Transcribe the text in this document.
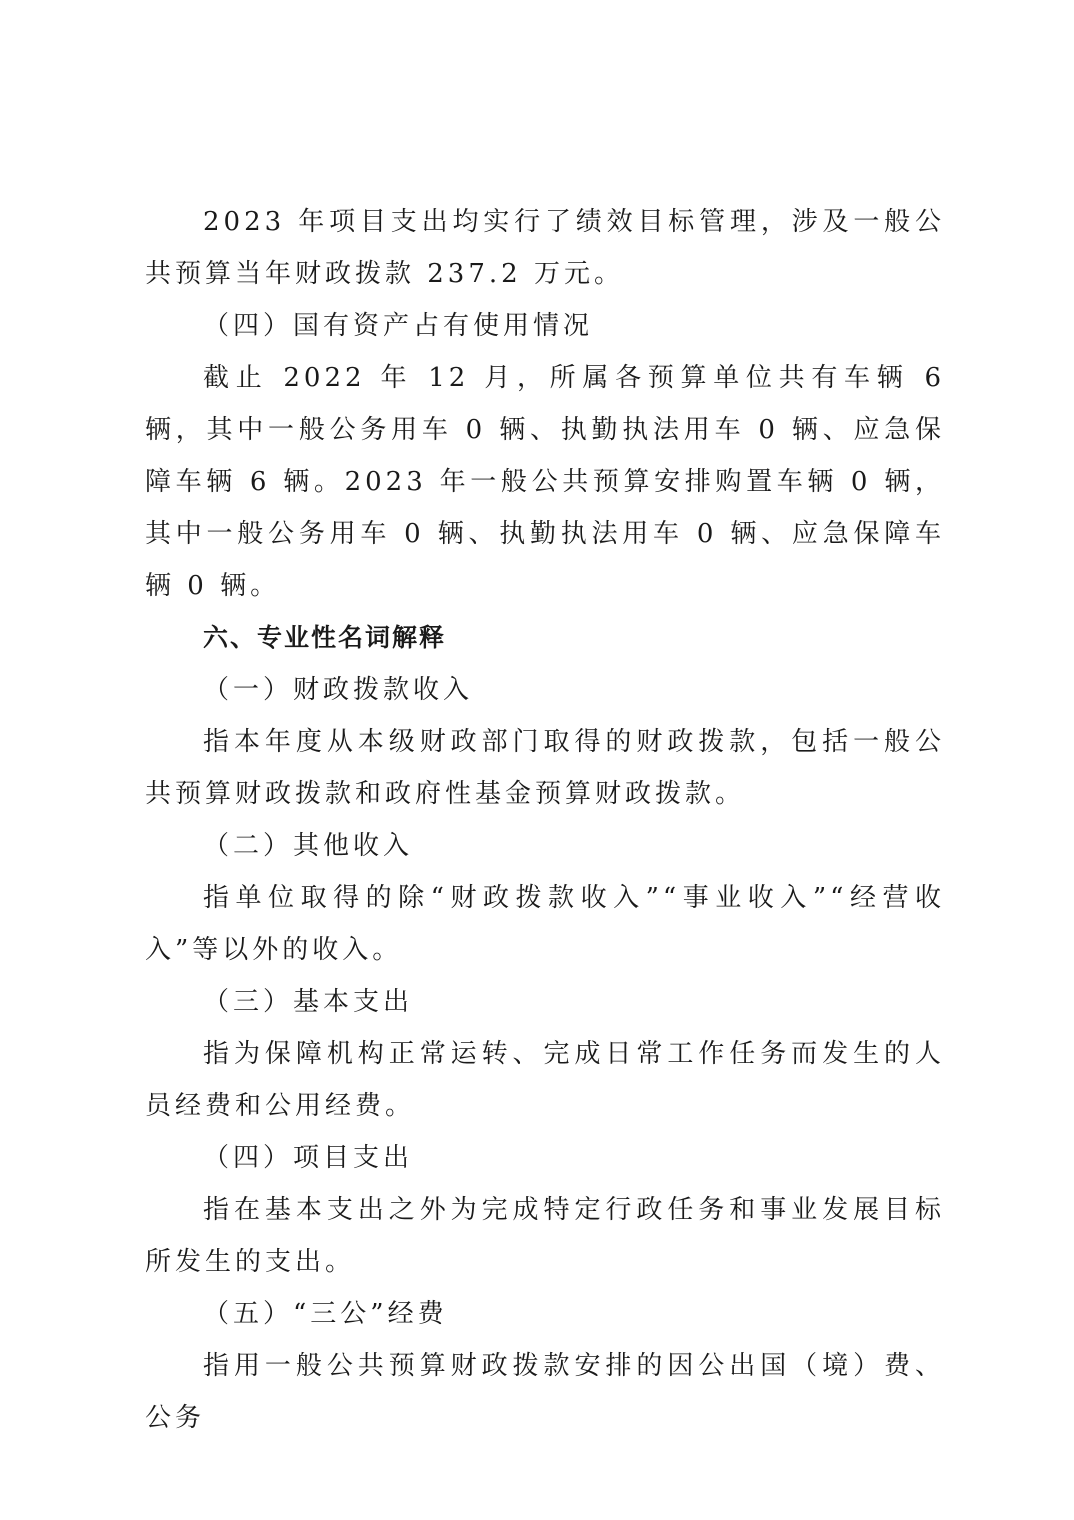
2023 年项目支出均实行了绩效目标管理，涉及一般公共预算当年财政拨款 237.2 万元。

（四）国有资产占有使用情况

截止 2022 年 12 月，所属各预算单位共有车辆 6 辆，其中一般公务用车 0 辆、执勤执法用车 0 辆、应急保障车辆 6 辆。2023 年一般公共预算安排购置车辆 0 辆，其中一般公务用车 0 辆、执勤执法用车 0 辆、应急保障车辆 0 辆。

六、专业性名词解释

（一）财政拨款收入

指本年度从本级财政部门取得的财政拨款，包括一般公共预算财政拨款和政府性基金预算财政拨款。

（二）其他收入

指单位取得的除“财政拨款收入”“事业收入”“经营收入”等以外的收入。

（三）基本支出

指为保障机构正常运转、完成日常工作任务而发生的人员经费和公用经费。

（四）项目支出

指在基本支出之外为完成特定行政任务和事业发展目标所发生的支出。

（五）“三公”经费

指用一般公共预算财政拨款安排的因公出国（境）费、公务
